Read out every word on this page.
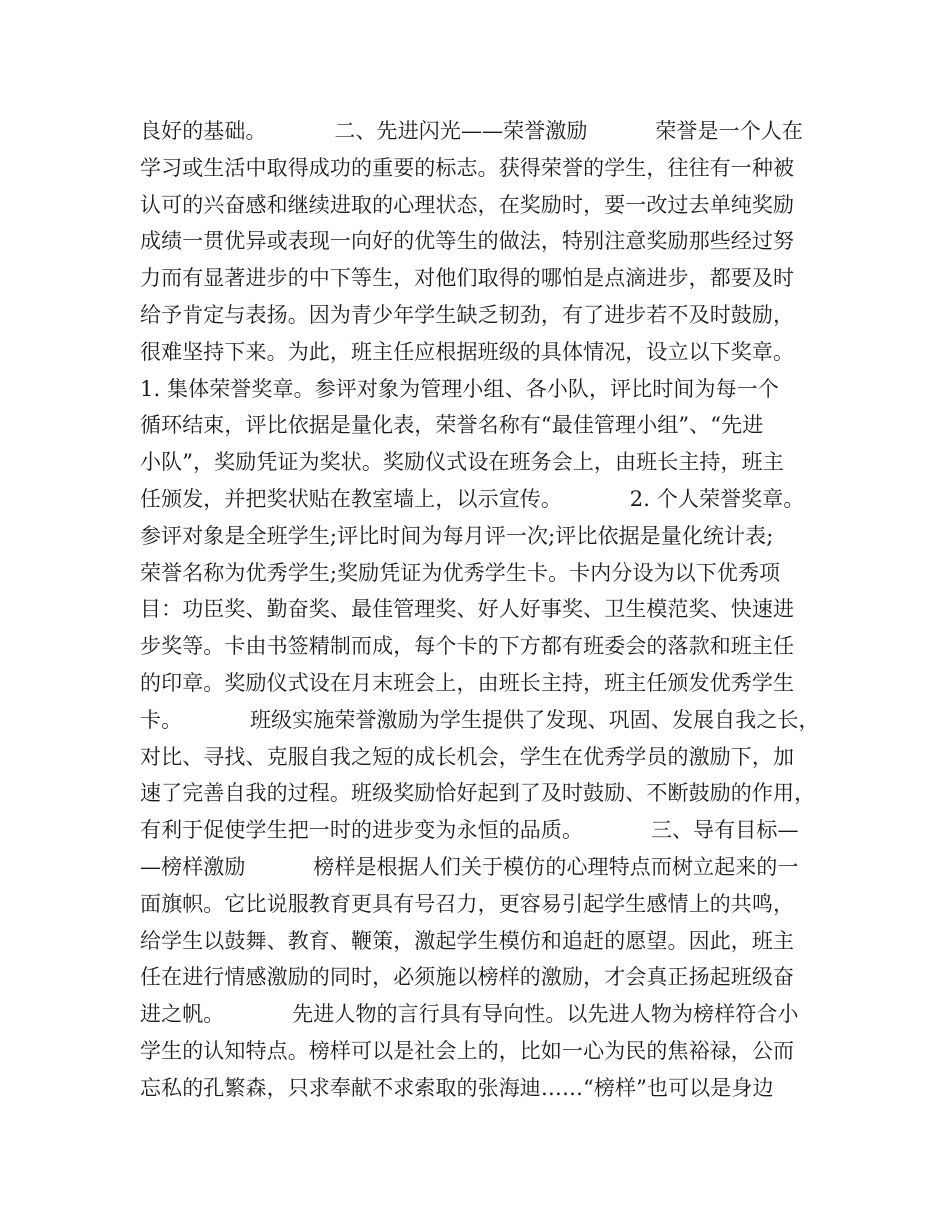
良好的基础。          二、先进闪光——荣誉激励          荣誉是一个人在
学习或生活中取得成功的重要的标志。获得荣誉的学生，往往有一种被
认可的兴奋感和继续进取的心理状态，在奖励时，要一改过去单纯奖励
成绩一贯优异或表现一向好的优等生的做法，特别注意奖励那些经过努
力而有显著进步的中下等生，对他们取得的哪怕是点滴进步，都要及时
给予肯定与表扬。因为青少年学生缺乏韧劲，有了进步若不及时鼓励，
很难坚持下来。为此，班主任应根据班级的具体情况，设立以下奖章。
1. 集体荣誉奖章。参评对象为管理小组、各小队，评比时间为每一个
循环结束，评比依据是量化表，荣誉名称有“最佳管理小组”、“先进
小队”，奖励凭证为奖状。奖励仪式设在班务会上，由班长主持，班主
任颁发，并把奖状贴在教室墙上，以示宣传。          2. 个人荣誉奖章。
参评对象是全班学生;评比时间为每月评一次;评比依据是量化统计表;
荣誉名称为优秀学生;奖励凭证为优秀学生卡。卡内分设为以下优秀项
目：功臣奖、勤奋奖、最佳管理奖、好人好事奖、卫生模范奖、快速进
步奖等。卡由书签精制而成，每个卡的下方都有班委会的落款和班主任
的印章。奖励仪式设在月末班会上，由班长主持，班主任颁发优秀学生
卡。          班级实施荣誉激励为学生提供了发现、巩固、发展自我之长，
对比、寻找、克服自我之短的成长机会，学生在优秀学员的激励下，加
速了完善自我的过程。班级奖励恰好起到了及时鼓励、不断鼓励的作用，
有利于促使学生把一时的进步变为永恒的品质。          三、导有目标—
—榜样激励          榜样是根据人们关于模仿的心理特点而树立起来的一
面旗帜。它比说服教育更具有号召力，更容易引起学生感情上的共鸣，
给学生以鼓舞、教育、鞭策，激起学生模仿和追赶的愿望。因此，班主
任在进行情感激励的同时，必须施以榜样的激励，才会真正扬起班级奋
进之帆。          先进人物的言行具有导向性。以先进人物为榜样符合小
学生的认知特点。榜样可以是社会上的，比如一心为民的焦裕禄，公而
忘私的孔繁森，只求奉献不求索取的张海迪……“榜样”也可以是身边
